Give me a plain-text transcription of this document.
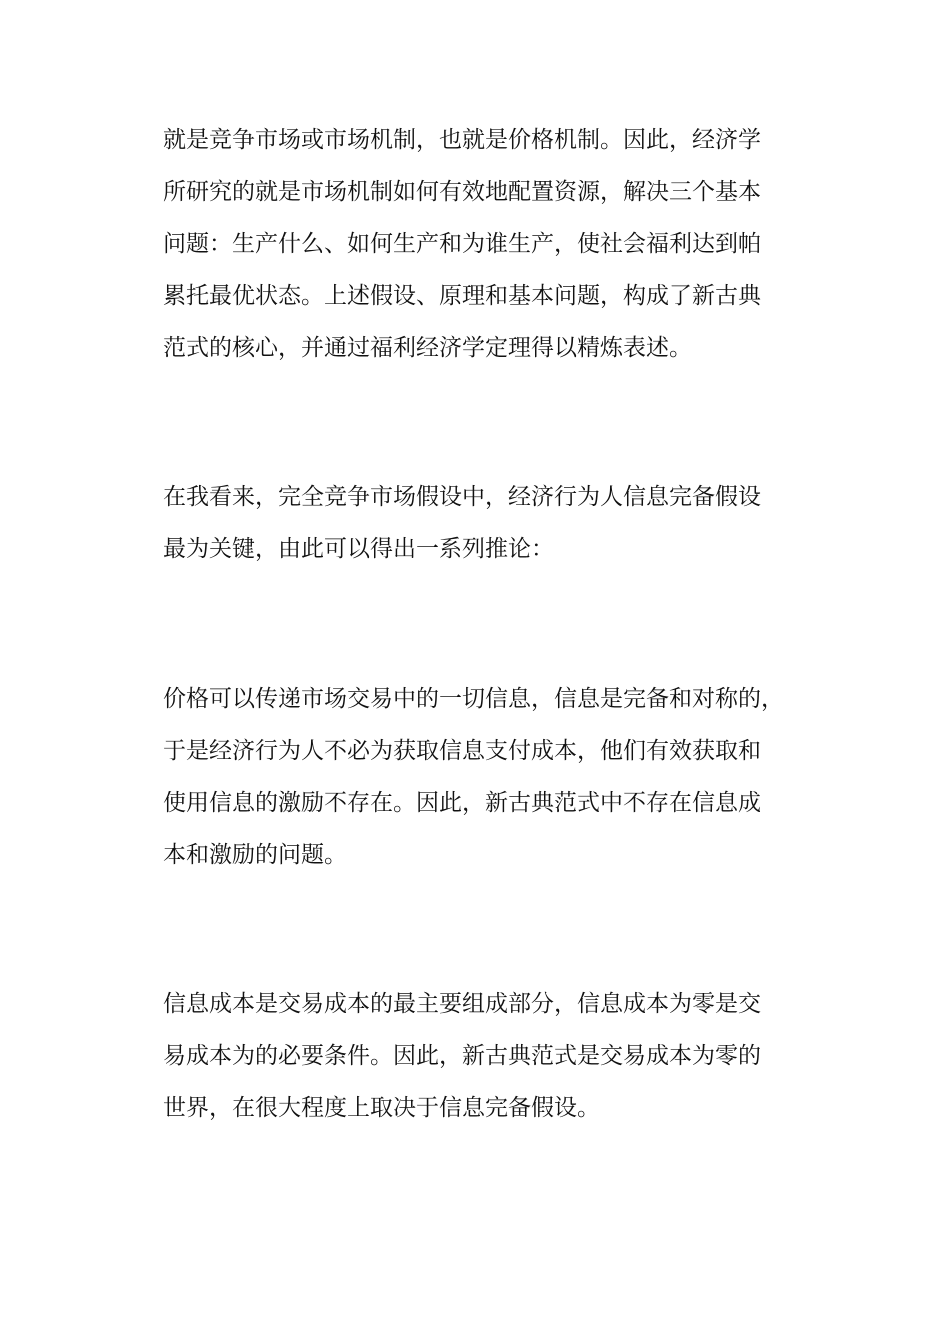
就是竞争市场或市场机制，也就是价格机制。因此，经济学
所研究的就是市场机制如何有效地配置资源，解决三个基本
问题：生产什么、如何生产和为谁生产，使社会福利达到帕
累托最优状态。上述假设、原理和基本问题，构成了新古典
范式的核心，并通过福利经济学定理得以精炼表述。
在我看来，完全竞争市场假设中，经济行为人信息完备假设
最为关键，由此可以得出一系列推论：
价格可以传递市场交易中的一切信息，信息是完备和对称的，
于是经济行为人不必为获取信息支付成本，他们有效获取和
使用信息的激励不存在。因此，新古典范式中不存在信息成
本和激励的问题。
信息成本是交易成本的最主要组成部分，信息成本为零是交
易成本为的必要条件。因此，新古典范式是交易成本为零的
世界，在很大程度上取决于信息完备假设。
